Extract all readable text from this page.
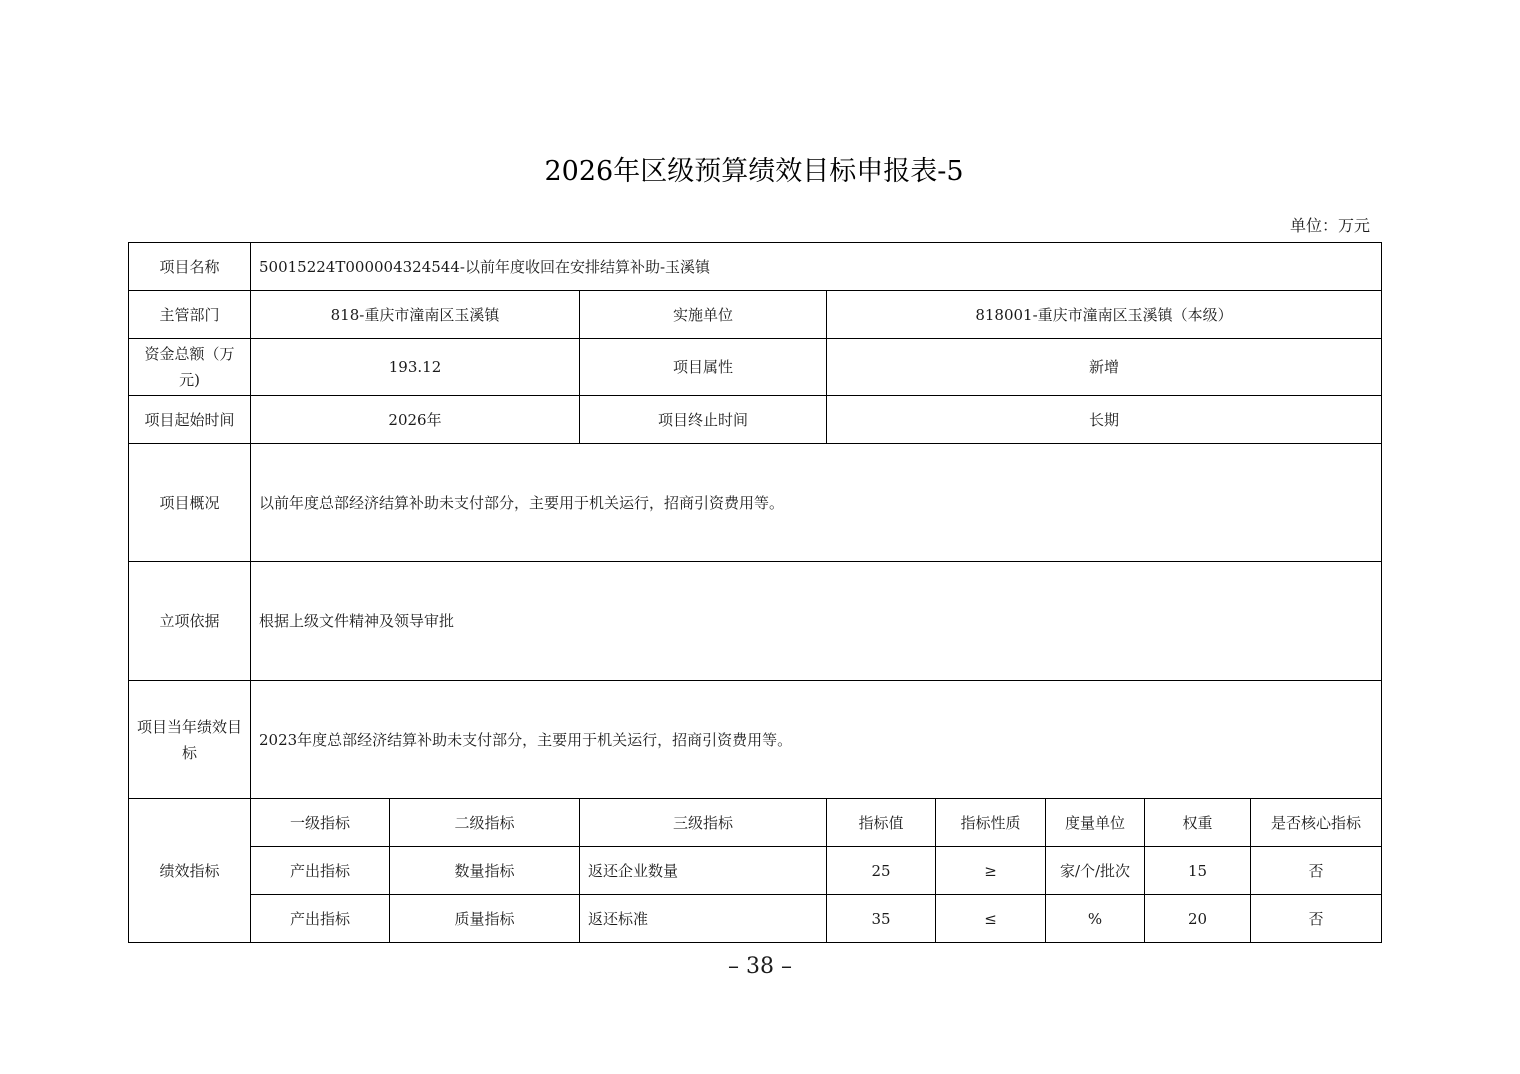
2026年区级预算绩效目标申报表-5
单位：万元
项目名称	50015224T000004324544-以前年度收回在安排结算补助-玉溪镇							
主管部门	818-重庆市潼南区玉溪镇		实施单位	818001-重庆市潼南区玉溪镇（本级）				
资金总额（万元)	193.12		项目属性	新增				
项目起始时间	2026年		项目终止时间	长期				
项目概况	以前年度总部经济结算补助未支付部分，主要用于机关运行，招商引资费用等。							
立项依据	根据上级文件精神及领导审批							
项目当年绩效目标	2023年度总部经济结算补助未支付部分，主要用于机关运行，招商引资费用等。							
绩效指标	一级指标	二级指标	三级指标	指标值	指标性质	度量单位	权重	是否核心指标
	产出指标	数量指标	返还企业数量	25	≥	家/个/批次	15	否
	产出指标	质量指标	返还标准	35	≤	%	20	否
– 38 –
